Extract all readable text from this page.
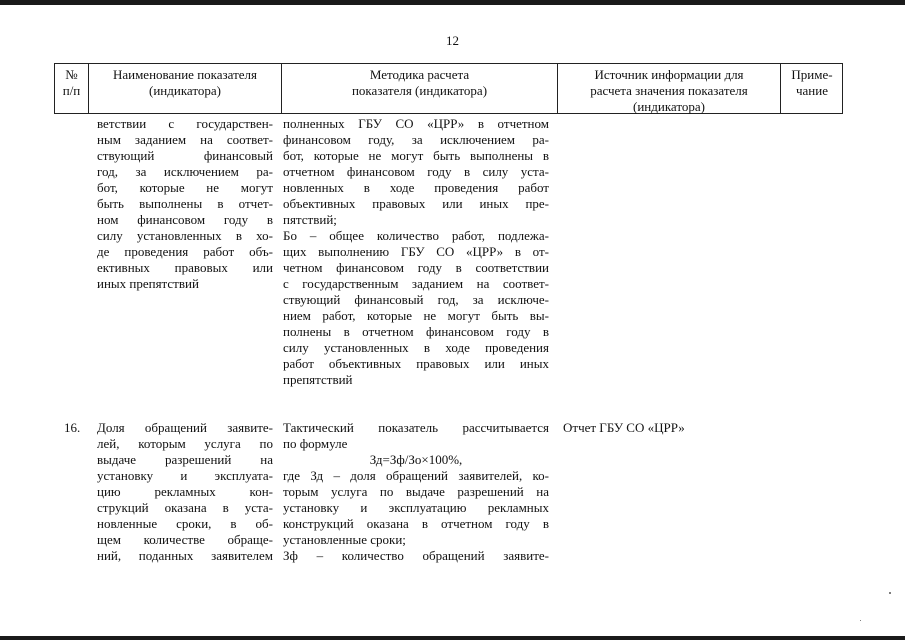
12
№
п/п
Наименование показателя
(индикатора)
Методика расчета
показателя (индикатора)
Источник информации для
расчета значения показателя
(индикатора)
Приме-
чание
ветствии с государствен-
ным заданием на соответ-
ствующий финансовый
год, за исключением ра-
бот, которые не могут
быть выполнены в отчет-
ном финансовом году в
силу установленных в хо-
де проведения работ объ-
ективных правовых или
иных препятствий
полненных ГБУ СО «ЦРР» в отчетном
финансовом году, за исключением ра-
бот, которые не могут быть выполнены в
отчетном финансовом году в силу уста-
новленных в ходе проведения работ
объективных правовых или иных пре-
пятствий;
Бо – общее количество работ, подлежа-
щих выполнению ГБУ СО «ЦРР» в от-
четном финансовом году в соответствии
с государственным заданием на соответ-
ствующий финансовый год, за исключе-
нием работ, которые не могут быть вы-
полнены в отчетном финансовом году в
силу установленных в ходе проведения
работ объективных правовых или иных
препятствий
16.	Доля обращений заявите-
лей, которым услуга по
выдаче разрешений на
установку и эксплуата-
цию рекламных кон-
струкций оказана в уста-
новленные сроки, в об-
щем количестве обраще-
ний, поданных заявителем
Тактический показатель рассчитывается
по формуле
Зд=Зф/Зо×100%,
где Зд – доля обращений заявителей, ко-
торым услуга по выдаче разрешений на
установку и эксплуатацию рекламных
конструкций оказана в отчетном году в
установленные сроки;
Зф – количество обращений заявите-
Отчет ГБУ СО «ЦРР»
